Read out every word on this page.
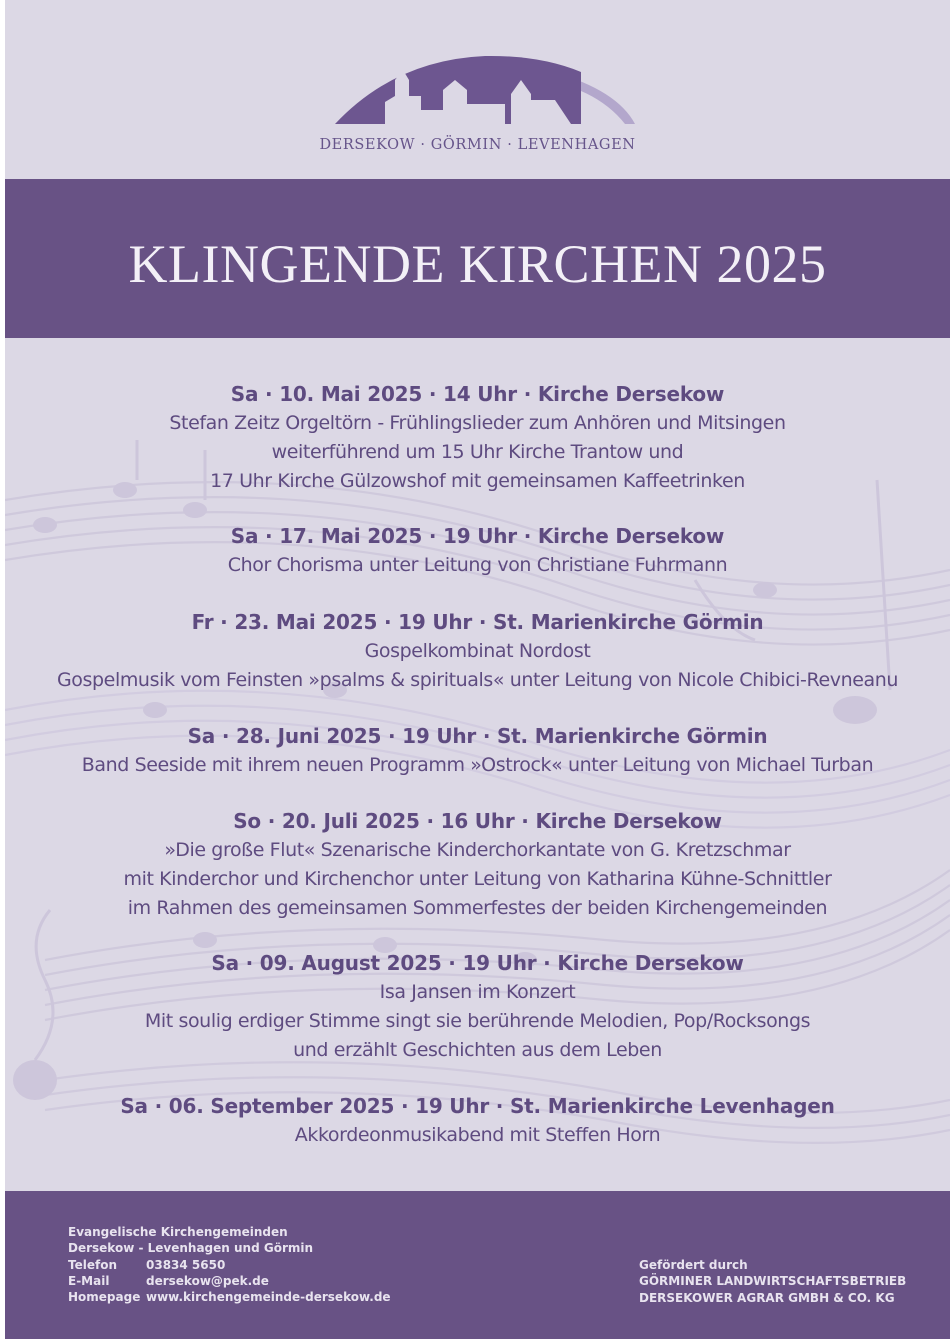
DERSEKOW · GÖRMIN · LEVENHAGEN
KLINGENDE KIRCHEN 2025
Sa · 10. Mai 2025 · 14 Uhr · Kirche Dersekow
Stefan Zeitz Orgeltörn - Frühlingslieder zum Anhören und Mitsingen
weiterführend um 15 Uhr Kirche Trantow und
17 Uhr Kirche Gülzowshof mit gemeinsamen Kaffeetrinken
Sa · 17. Mai 2025 · 19 Uhr · Kirche Dersekow
Chor Chorisma unter Leitung von Christiane Fuhrmann
Fr · 23. Mai 2025 · 19 Uhr · St. Marienkirche Görmin
Gospelkombinat Nordost
Gospelmusik vom Feinsten »psalms & spirituals« unter Leitung von Nicole Chibici-Revneanu
Sa · 28. Juni 2025 · 19 Uhr · St. Marienkirche Görmin
Band Seeside mit ihrem neuen Programm »Ostrock« unter Leitung von Michael Turban
So · 20. Juli 2025 · 16 Uhr · Kirche Dersekow
»Die große Flut« Szenarische Kinderchorkantate von G. Kretzschmar
mit Kinderchor und Kirchenchor unter Leitung von Katharina Kühne-Schnittler
im Rahmen des gemeinsamen Sommerfestes der beiden Kirchengemeinden
Sa · 09. August 2025 · 19 Uhr · Kirche Dersekow
Isa Jansen im Konzert
Mit soulig erdiger Stimme singt sie berührende Melodien, Pop/Rocksongs
und erzählt Geschichten aus dem Leben
Sa · 06. September 2025 · 19 Uhr · St. Marienkirche Levenhagen
Akkordeonmusikabend mit Steffen Horn
Evangelische Kirchengemeinden
Dersekow - Levenhagen und Görmin
Telefon	03834 5650
E-Mail	dersekow@pek.de
Homepage www.kirchengemeinde-dersekow.de
Gefördert durch
GÖRMINER LANDWIRTSCHAFTSBETRIEB
DERSEKOWER AGRAR GMBH & CO. KG
